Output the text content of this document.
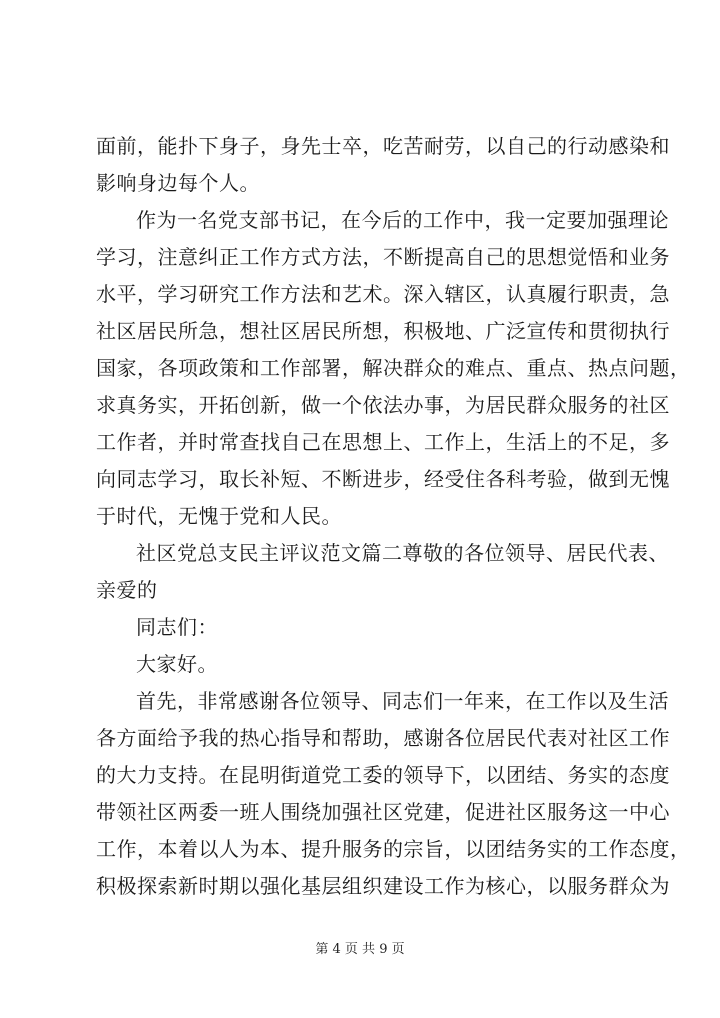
面前，能扑下身子，身先士卒，吃苦耐劳，以自己的行动感染和
影响身边每个人。
作为一名党支部书记，在今后的工作中，我一定要加强理论
学习，注意纠正工作方式方法，不断提高自己的思想觉悟和业务
水平，学习研究工作方法和艺术。深入辖区，认真履行职责，急
社区居民所急，想社区居民所想，积极地、广泛宣传和贯彻执行
国家，各项政策和工作部署，解决群众的难点、重点、热点问题，
求真务实，开拓创新，做一个依法办事，为居民群众服务的社区
工作者，并时常查找自己在思想上、工作上，生活上的不足，多
向同志学习，取长补短、不断进步，经受住各科考验，做到无愧
于时代，无愧于党和人民。
社区党总支民主评议范文篇二尊敬的各位领导、居民代表、
亲爱的
同志们：
大家好。
首先，非常感谢各位领导、同志们一年来，在工作以及生活
各方面给予我的热心指导和帮助，感谢各位居民代表对社区工作
的大力支持。在昆明街道党工委的领导下，以团结、务实的态度
带领社区两委一班人围绕加强社区党建，促进社区服务这一中心
工作，本着以人为本、提升服务的宗旨，以团结务实的工作态度，
积极探索新时期以强化基层组织建设工作为核心，以服务群众为
第 4 页 共 9 页
